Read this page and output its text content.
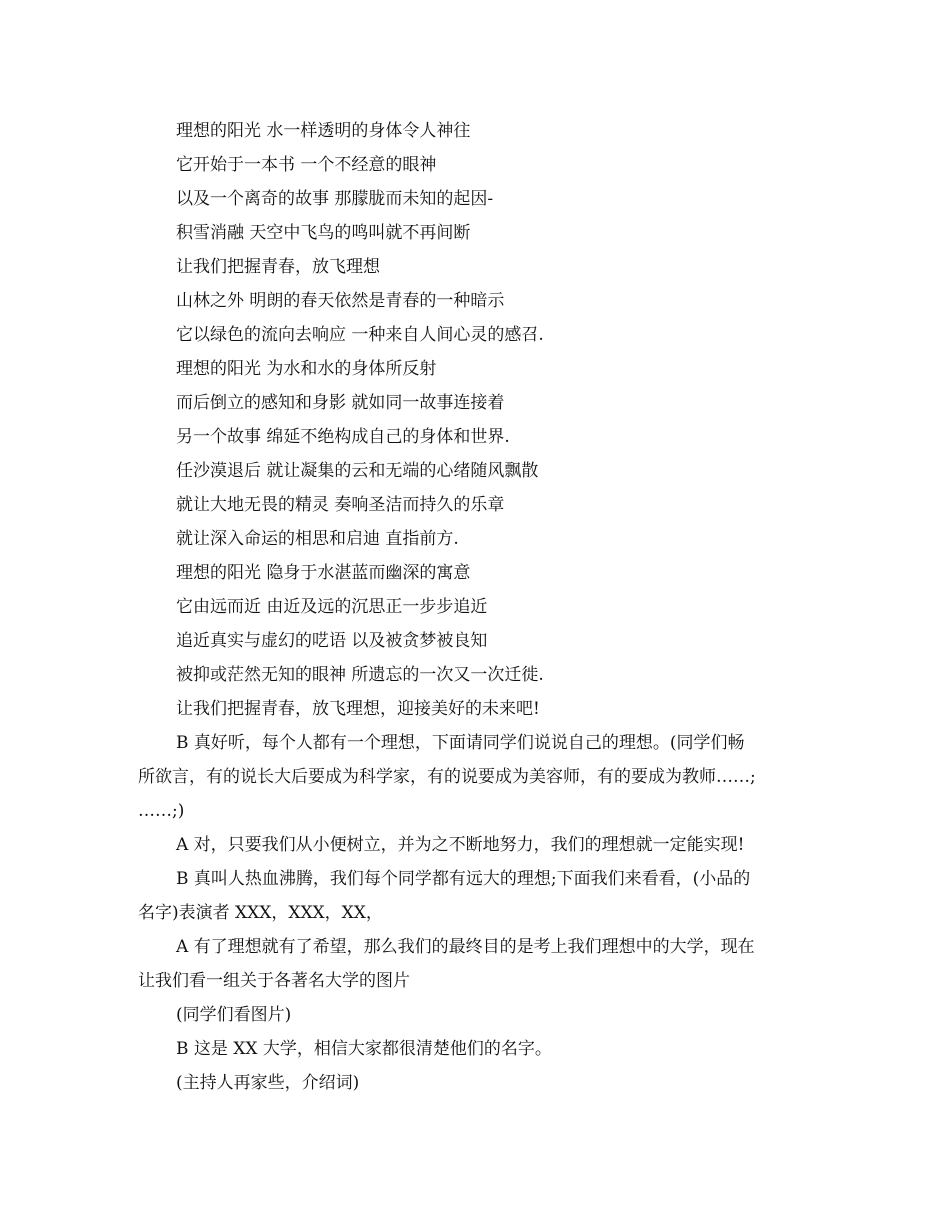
理想的阳光 水一样透明的身体令人神往
它开始于一本书 一个不经意的眼神
以及一个离奇的故事 那朦胧而未知的起因-
积雪消融 天空中飞鸟的鸣叫就不再间断
让我们把握青春，放飞理想
山林之外 明朗的春天依然是青春的一种暗示
它以绿色的流向去响应 一种来自人间心灵的感召.
理想的阳光 为水和水的身体所反射
而后倒立的感知和身影 就如同一故事连接着
另一个故事 绵延不绝构成自己的身体和世界.
任沙漠退后 就让凝集的云和无端的心绪随风飘散
就让大地无畏的精灵 奏响圣洁而持久的乐章
就让深入命运的相思和启迪 直指前方.
理想的阳光 隐身于水湛蓝而幽深的寓意
它由远而近 由近及远的沉思正一步步追近
追近真实与虚幻的呓语 以及被贪梦被良知
被抑或茫然无知的眼神 所遗忘的一次又一次迁徙.
让我们把握青春，放飞理想，迎接美好的未来吧!
B 真好听，每个人都有一个理想，下面请同学们说说自己的理想。(同学们畅
所欲言，有的说长大后要成为科学家，有的说要成为美容师，有的要成为教师……;
……;)
A 对，只要我们从小便树立，并为之不断地努力，我们的理想就一定能实现!
B 真叫人热血沸腾，我们每个同学都有远大的理想;下面我们来看看，(小品的
名字)表演者 XXX，XXX，XX，
A 有了理想就有了希望，那么我们的最终目的是考上我们理想中的大学，现在
让我们看一组关于各著名大学的图片
(同学们看图片)
B 这是 XX 大学，相信大家都很清楚他们的名字。
(主持人再家些，介绍词)
